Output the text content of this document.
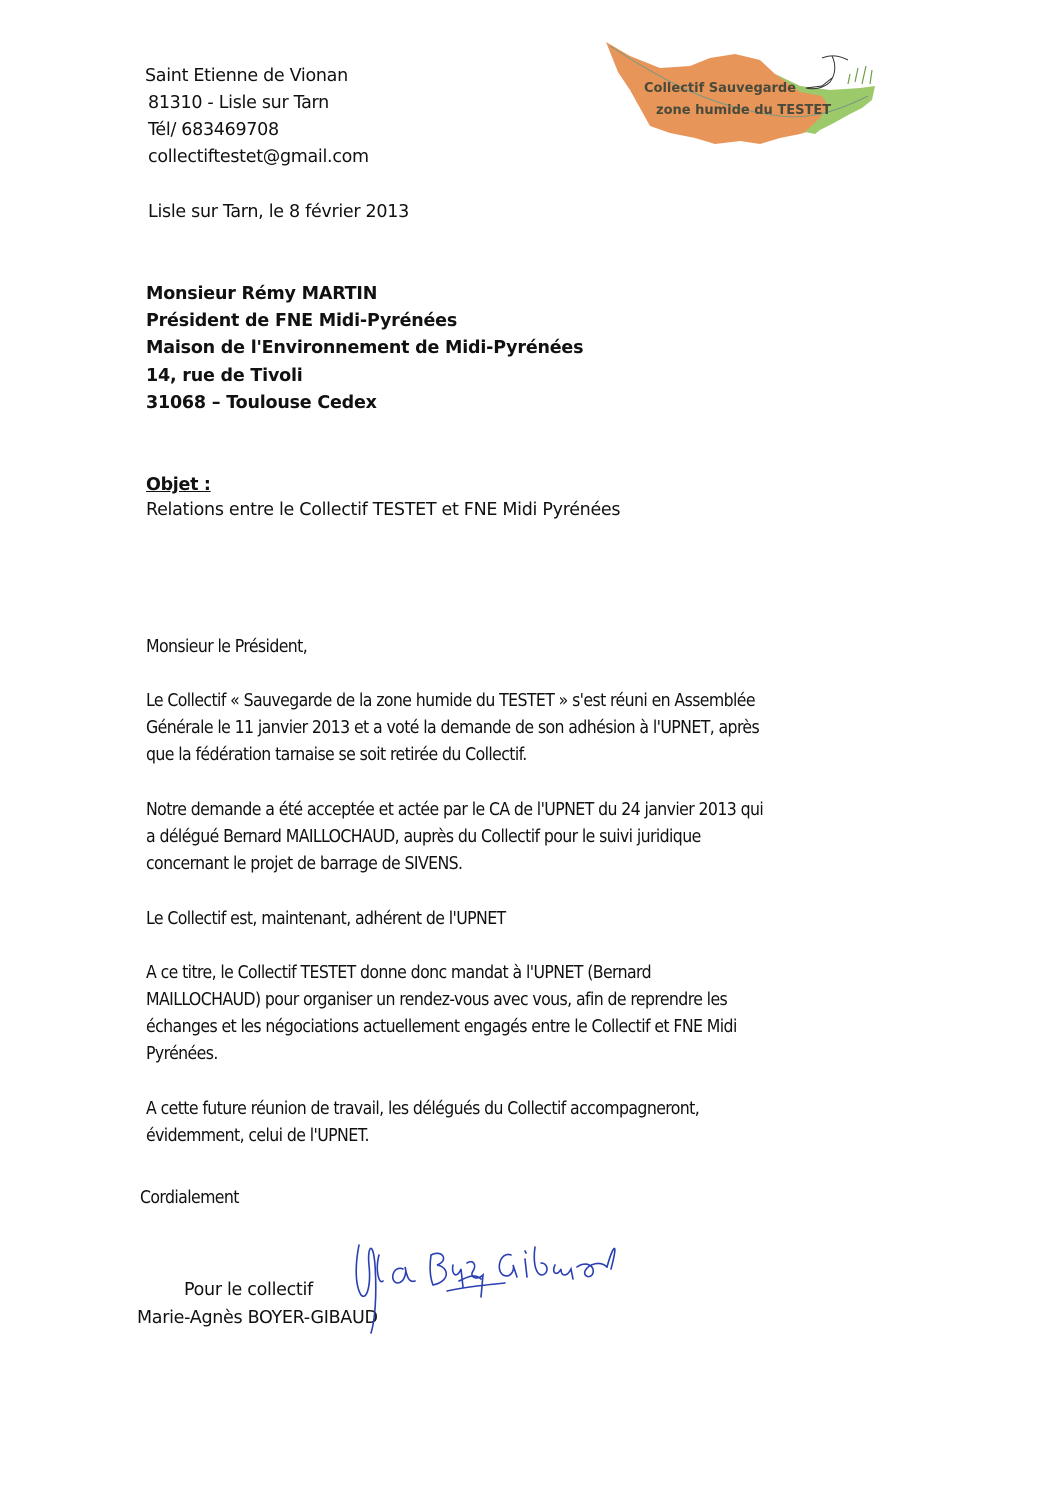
Saint Etienne de Vionan
81310 - Lisle sur Tarn
Tél/ 683469708
collectiftestet@gmail.com
Collectif Sauvegarde
zone humide du TESTET
Lisle sur Tarn, le 8 février 2013
Monsieur Rémy MARTIN
Président de FNE Midi-Pyrénées
Maison de l'Environnement de Midi-Pyrénées
14, rue de Tivoli
31068 – Toulouse Cedex
Objet :
Relations entre le Collectif TESTET et FNE Midi Pyrénées
Monsieur le Président,
Le Collectif « Sauvegarde de la zone humide du TESTET » s'est réuni en Assemblée
Générale le 11 janvier 2013 et a voté la demande de son adhésion à l'UPNET, après
que la fédération tarnaise se soit retirée du Collectif.
Notre demande a été acceptée et actée par le CA de l'UPNET du 24 janvier 2013 qui
a délégué Bernard MAILLOCHAUD, auprès du Collectif pour le suivi juridique
concernant le projet de barrage de SIVENS.
Le Collectif est, maintenant, adhérent de l'UPNET
A ce titre, le Collectif TESTET donne donc mandat à l'UPNET (Bernard
MAILLOCHAUD) pour organiser un rendez-vous avec vous, afin de reprendre les
échanges et les négociations actuellement engagés entre le Collectif et FNE Midi
Pyrénées.
A cette future réunion de travail, les délégués du Collectif accompagneront,
évidemment, celui de l'UPNET.
Cordialement
Pour le collectif
Marie-Agnès BOYER-GIBAUD
